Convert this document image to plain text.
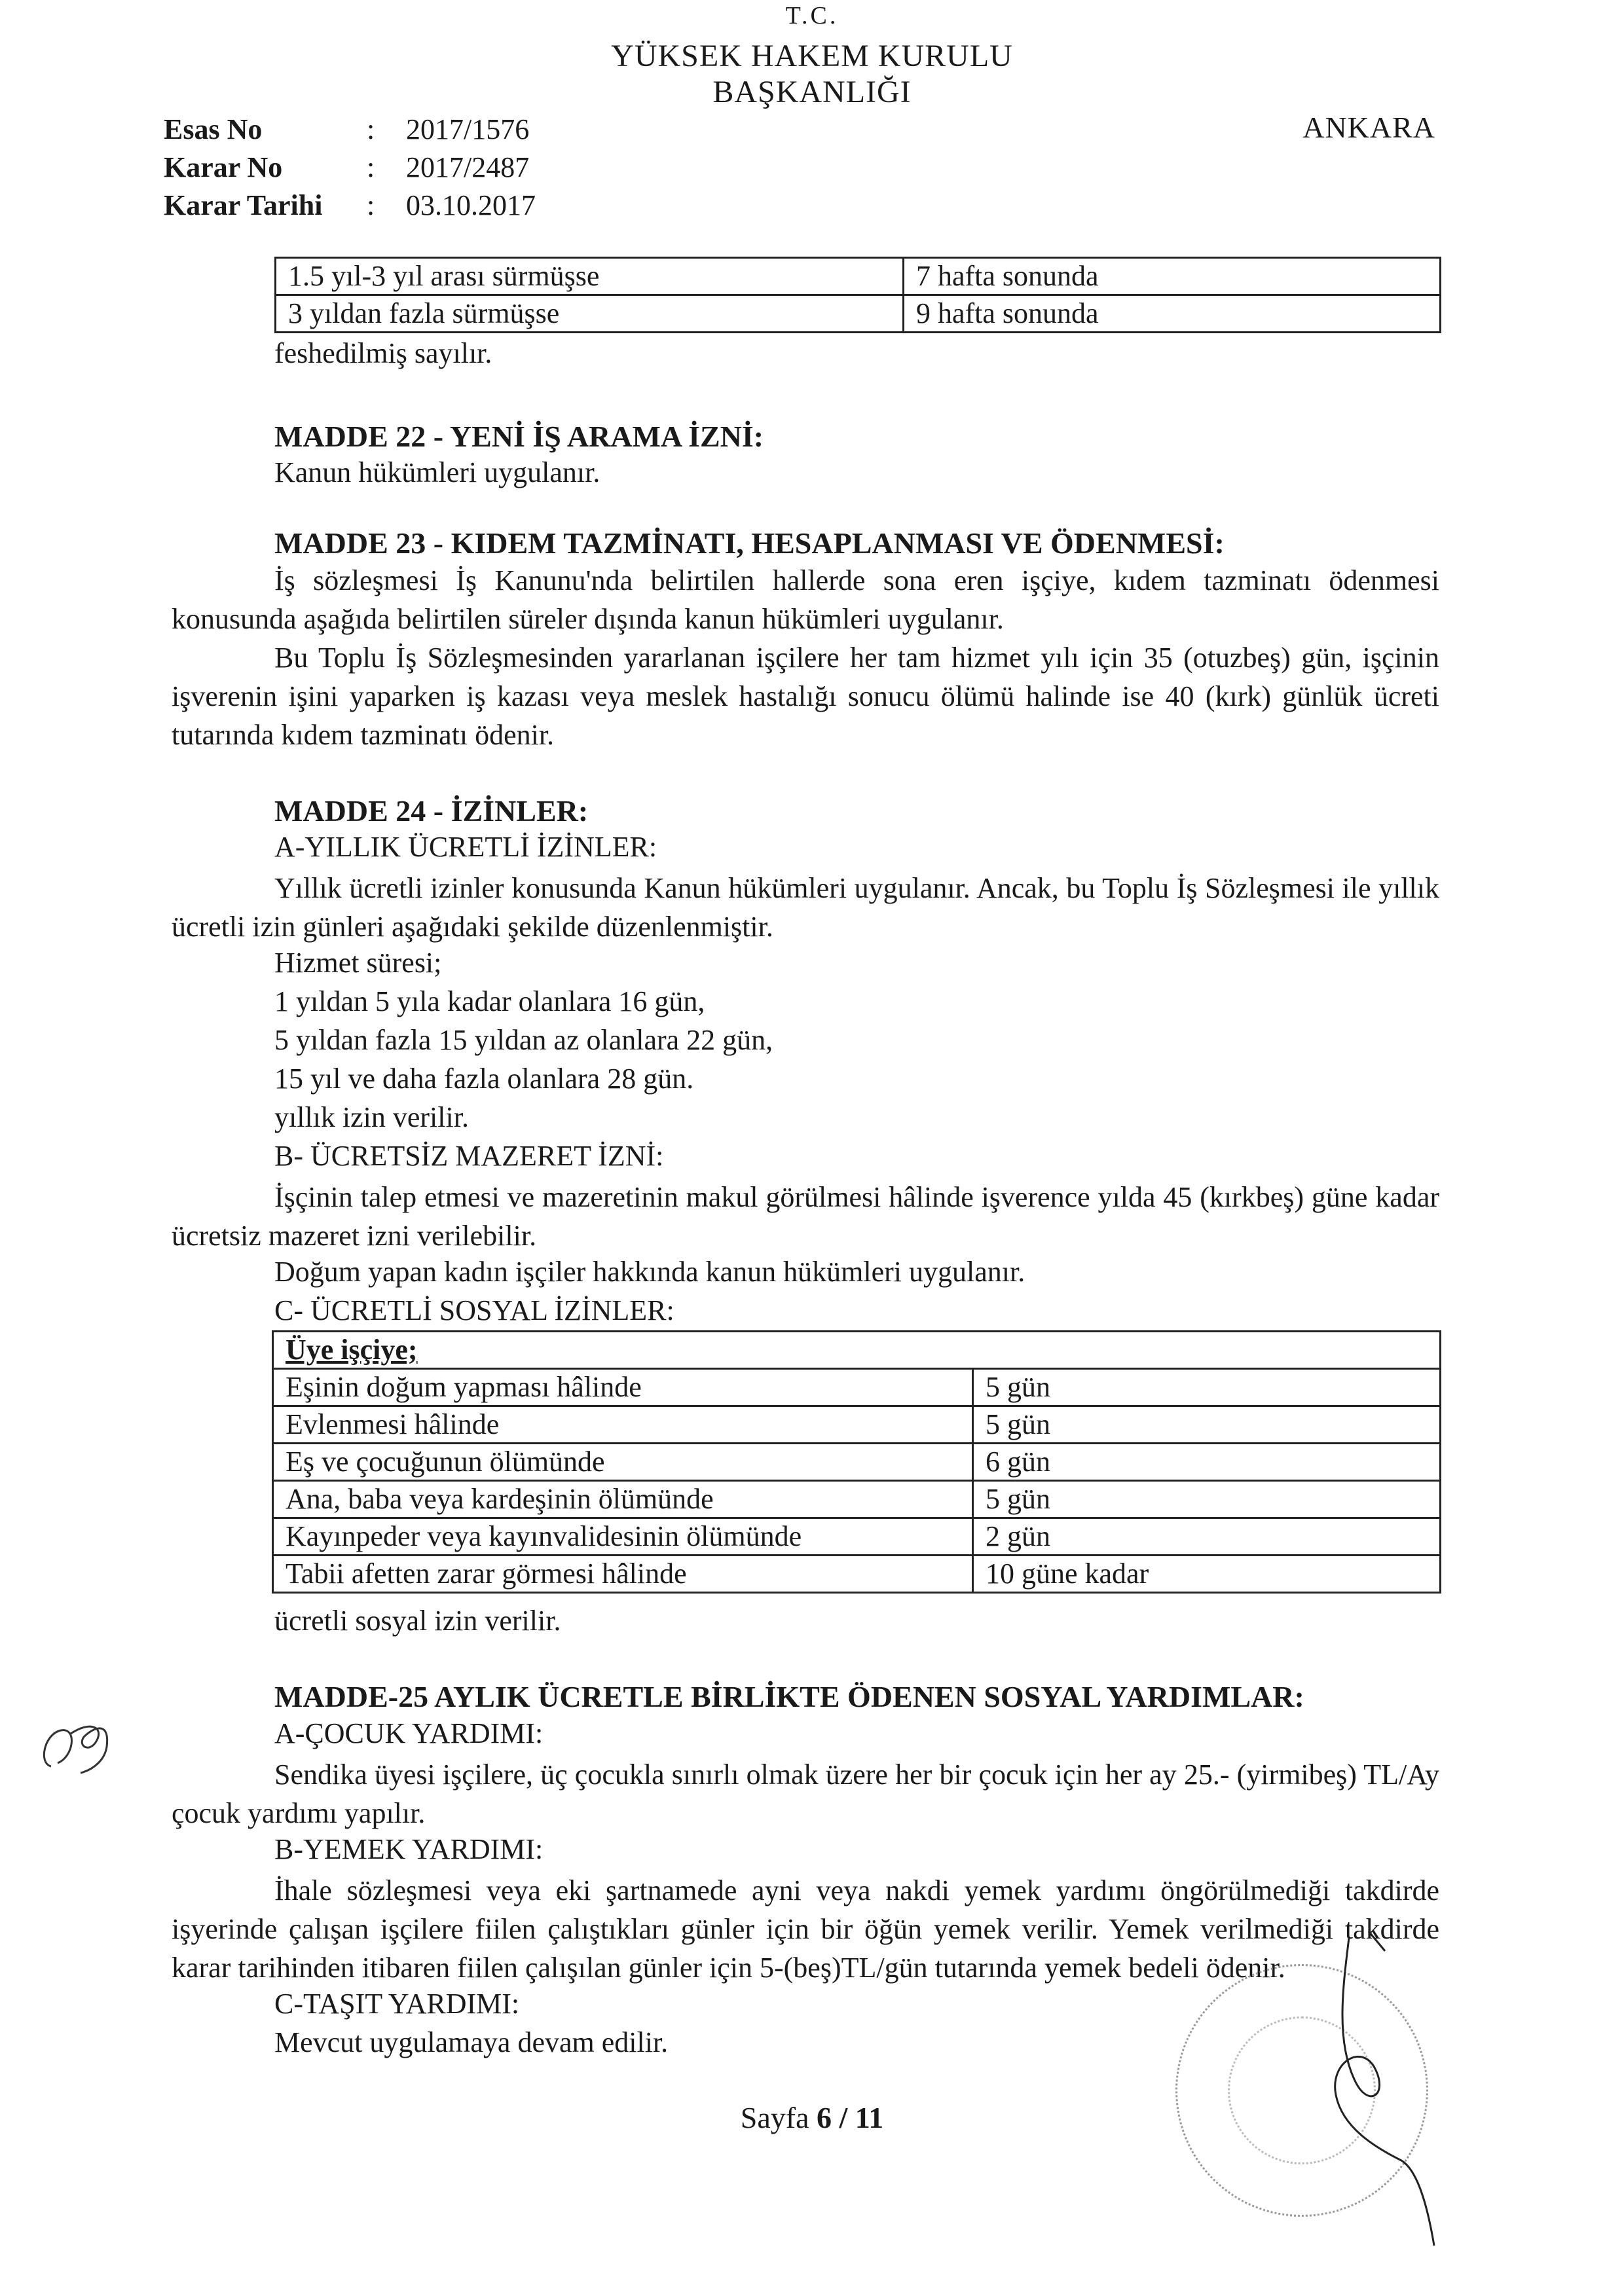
T.C.
YÜKSEK HAKEM KURULU
BAŞKANLIĞI
ANKARA
Esas No	:	2017/1576
Karar No	:	2017/2487
Karar Tarihi	:	03.10.2017
1.5 yıl-3 yıl arası sürmüşse	7 hafta sonunda
3 yıldan fazla sürmüşse	9 hafta sonunda
feshedilmiş sayılır.
MADDE 22 - YENİ İŞ ARAMA İZNİ:
Kanun hükümleri uygulanır.
MADDE 23 - KIDEM TAZMİNATI, HESAPLANMASI VE ÖDENMESİ:
İş sözleşmesi İş Kanunu'nda belirtilen hallerde sona eren işçiye, kıdem tazminatı ödenmesi konusunda aşağıda belirtilen süreler dışında kanun hükümleri uygulanır.
Bu Toplu İş Sözleşmesinden yararlanan işçilere her tam hizmet yılı için 35 (otuzbeş) gün, işçinin işverenin işini yaparken iş kazası veya meslek hastalığı sonucu ölümü halinde ise 40 (kırk) günlük ücreti tutarında kıdem tazminatı ödenir.
MADDE 24 - İZİNLER:
A-YILLIK ÜCRETLİ İZİNLER:
Yıllık ücretli izinler konusunda Kanun hükümleri uygulanır. Ancak, bu Toplu İş Sözleşmesi ile yıllık ücretli izin günleri aşağıdaki şekilde düzenlenmiştir.
Hizmet süresi;
1 yıldan 5 yıla kadar olanlara 16 gün,
5 yıldan fazla 15 yıldan az olanlara 22 gün,
15 yıl ve daha fazla olanlara 28 gün.
yıllık izin verilir.
B- ÜCRETSİZ MAZERET İZNİ:
İşçinin talep etmesi ve mazeretinin makul görülmesi hâlinde işverence yılda 45 (kırkbeş) güne kadar ücretsiz mazeret izni verilebilir.
Doğum yapan kadın işçiler hakkında kanun hükümleri uygulanır.
C- ÜCRETLİ SOSYAL İZİNLER:
Üye işçiye;	
Eşinin doğum yapması hâlinde	5 gün
Evlenmesi hâlinde	5 gün
Eş ve çocuğunun ölümünde	6 gün
Ana, baba veya kardeşinin ölümünde	5 gün
Kayınpeder veya kayınvalidesinin ölümünde	2 gün
Tabii afetten zarar görmesi hâlinde	10 güne kadar
ücretli sosyal izin verilir.
MADDE-25 AYLIK ÜCRETLE BİRLİKTE ÖDENEN SOSYAL YARDIMLAR:
A-ÇOCUK YARDIMI:
Sendika üyesi işçilere, üç çocukla sınırlı olmak üzere her bir çocuk için her ay 25.- (yirmibeş) TL/Ay çocuk yardımı yapılır.
B-YEMEK YARDIMI:
İhale sözleşmesi veya eki şartnamede ayni veya nakdi yemek yardımı öngörülmediği takdirde işyerinde çalışan işçilere fiilen çalıştıkları günler için bir öğün yemek verilir. Yemek verilmediği takdirde karar tarihinden itibaren fiilen çalışılan günler için 5-(beş)TL/gün tutarında yemek bedeli ödenir.
C-TAŞIT YARDIMI:
Mevcut uygulamaya devam edilir.
Sayfa 6 / 11
